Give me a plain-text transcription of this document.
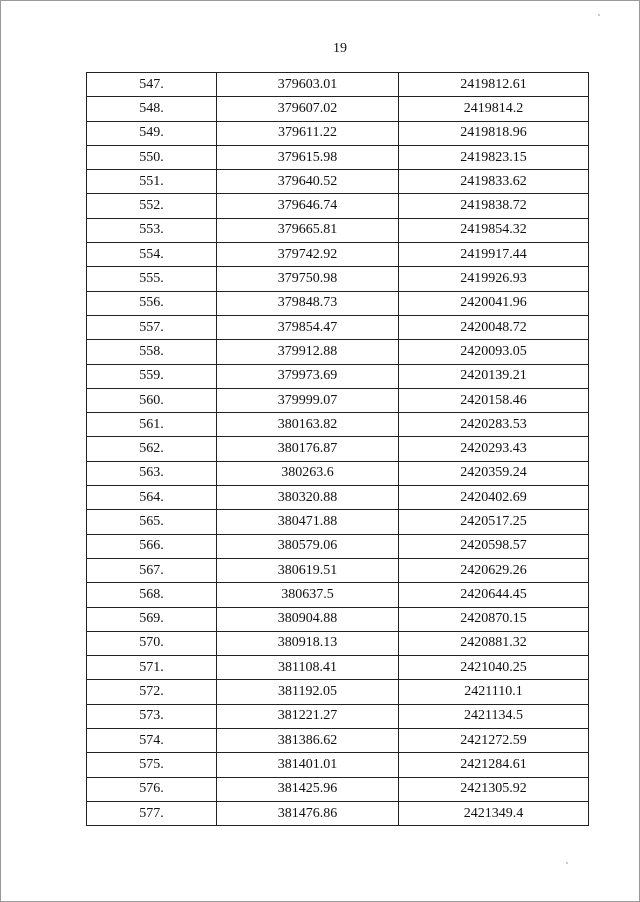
19
547.	379603.01	2419812.61
548.	379607.02	2419814.2
549.	379611.22	2419818.96
550.	379615.98	2419823.15
551.	379640.52	2419833.62
552.	379646.74	2419838.72
553.	379665.81	2419854.32
554.	379742.92	2419917.44
555.	379750.98	2419926.93
556.	379848.73	2420041.96
557.	379854.47	2420048.72
558.	379912.88	2420093.05
559.	379973.69	2420139.21
560.	379999.07	2420158.46
561.	380163.82	2420283.53
562.	380176.87	2420293.43
563.	380263.6	2420359.24
564.	380320.88	2420402.69
565.	380471.88	2420517.25
566.	380579.06	2420598.57
567.	380619.51	2420629.26
568.	380637.5	2420644.45
569.	380904.88	2420870.15
570.	380918.13	2420881.32
571.	381108.41	2421040.25
572.	381192.05	2421110.1
573.	381221.27	2421134.5
574.	381386.62	2421272.59
575.	381401.01	2421284.61
576.	381425.96	2421305.92
577.	381476.86	2421349.4
